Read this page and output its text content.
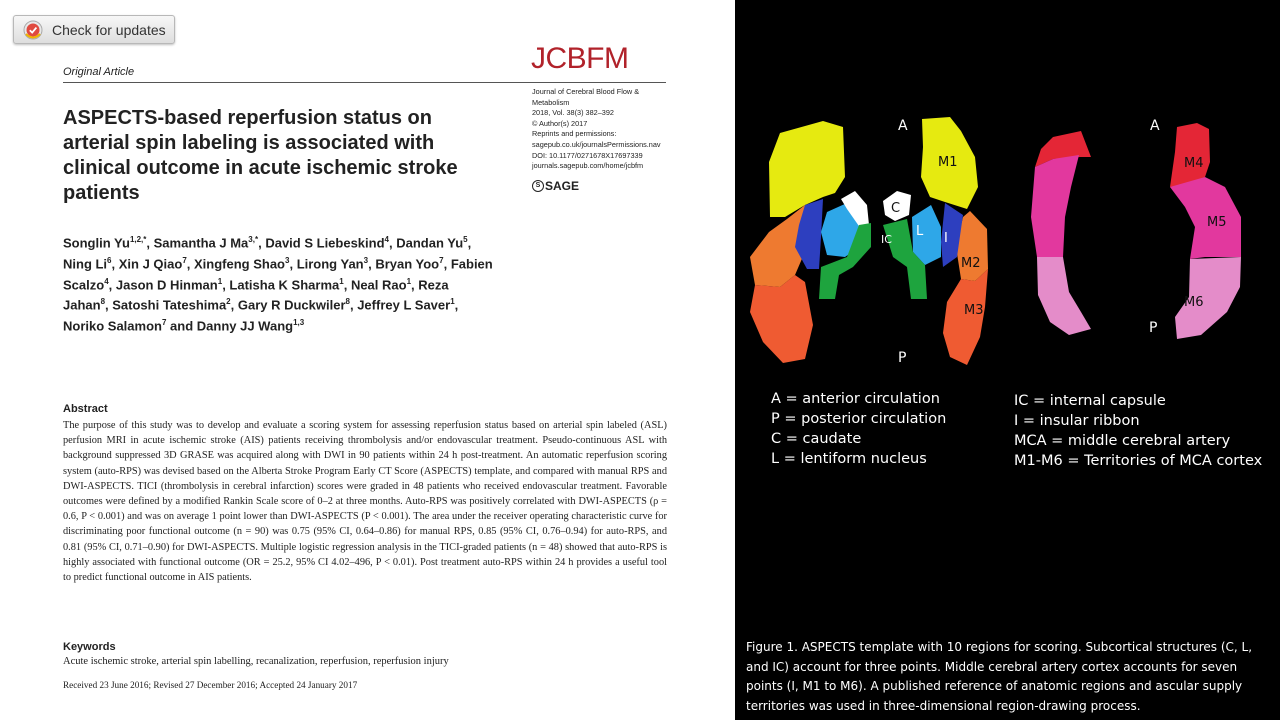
Check for updates
Original Article	JCBFM
Journal of Cerebral Blood Flow &
Metabolism
2018, Vol. 38(3) 382–392
© Author(s) 2017
Reprints and permissions:
sagepub.co.uk/journalsPermissions.nav
DOI: 10.1177/0271678X17697339
journals.sagepub.com/home/jcbfm
S SAGE
ASPECTS-based reperfusion status on arterial spin labeling is associated with clinical outcome in acute ischemic stroke patients

Songlin $Yu^{1,2,*}$, Samantha J $Ma^{3,*}$, David S Liebeskind$^4$, Dandan Yu$^5$, Ning Li$^6$, Xin J Qiao$^7$, Xingfeng Shao$^3$, Lirong Yan$^3$, Bryan Yoo$^7$, Fabien Scalzo$^4$, Jason D Hinman$^1$, Latisha K Sharma$^1$, Neal Rao$^1$, Reza Jahan$^8$, Satoshi Tateshima$^2$, Gary R Duckwiler$^8$, Jeffrey L Saver$^1$, Noriko Salamon$^7$ and Danny JJ Wang$^{1,3}$

Abstract

The purpose of this study was to develop and evaluate a scoring system for assessing reperfusion status based on arterial spin labeled (ASL) perfusion MRI in acute ischemic stroke (AIS) patients receiving thrombolysis and/or endovascular treatment. Pseudo-continuous ASL with background suppressed 3D GRASE was acquired along with DWI in 90 patients within 24 h post-treatment. An automatic reperfusion scoring system (auto-RPS) was devised based on the Alberta Stroke Program Early CT Score (ASPECTS) template, and compared with manual RPS and DWI-ASPECTS. TICI (thrombolysis in cerebral infarction) scores were graded in 48 patients who received endovascular treatment. Favorable outcomes were defined by a modified Rankin Scale score of 0–2 at three months. Auto-RPS was positively correlated with DWI-ASPECTS (ρ = 0.6, P < 0.001) and was on average 1 point lower than DWI-ASPECTS (P < 0.001). The area under the receiver operating characteristic curve for discriminating poor functional outcome (n = 90) was 0.75 (95% CI, 0.64–0.86) for manual RPS, 0.85 (95% CI, 0.76–0.94) for auto-RPS, and 0.81 (95% CI, 0.71–0.90) for DWI-ASPECTS. Multiple logistic regression analysis in the TICI-graded patients (n = 48) showed that auto-RPS is highly associated with functional outcome (OR = 25.2, 95% CI 4.02–496, P < 0.01). Post treatment auto-RPS within 24 h provides a useful tool to predict functional outcome in AIS patients.

Keywords
Acute ischemic stroke, arterial spin labelling, recanalization, reperfusion, reperfusion injury
Received 23 June 2016; Revised 27 December 2016; Accepted 24 January 2017
A
P
M1
M2
M3
C
IC
L I
A
P
M4
M5
M6
A = anterior circulation
P = posterior circulation
C = caudate
L = lentiform nucleus
IC = internal capsule
I = insular ribbon
MCA = middle cerebral artery
M1-M6 = Territories of MCA cortex

Figure 1. ASPECTS template with 10 regions for scoring. Subcortical structures (C, L, and IC) account for three points. Middle cerebral artery cortex accounts for seven points (I, M1 to M6). A published reference of anatomic regions and ascular supply territories was used in three-dimensional region-drawing process.
